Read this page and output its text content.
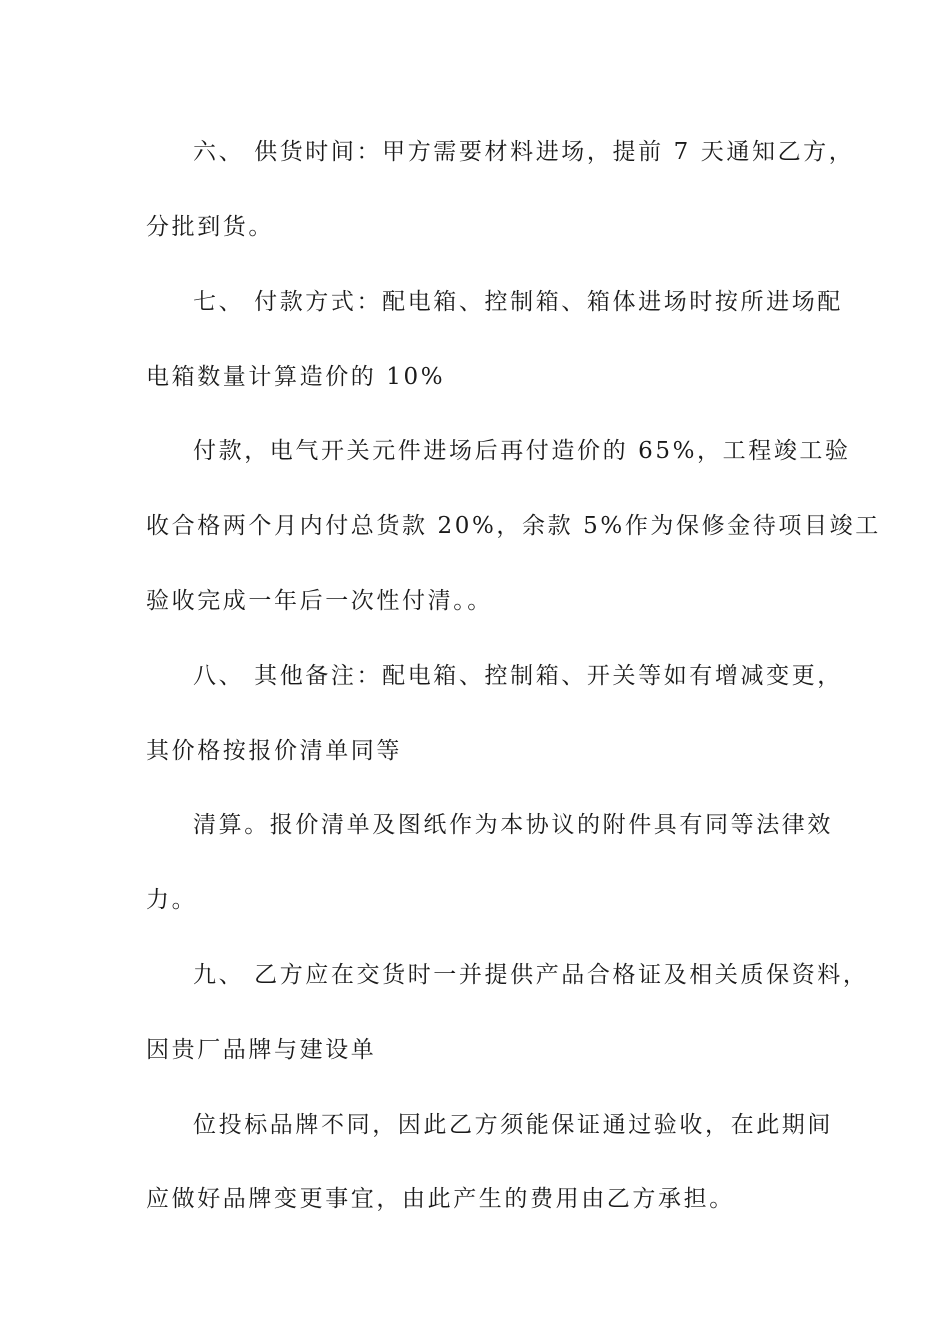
六、 供货时间：甲方需要材料进场，提前 7 天通知乙方，

分批到货。

七、 付款方式：配电箱、控制箱、箱体进场时按所进场配

电箱数量计算造价的 10%

付款，电气开关元件进场后再付造价的 65%，工程竣工验

收合格两个月内付总货款 20%，余款 5%作为保修金待项目竣工

验收完成一年后一次性付清。。

八、 其他备注：配电箱、控制箱、开关等如有增减变更，

其价格按报价清单同等

清算。报价清单及图纸作为本协议的附件具有同等法律效

力。

九、 乙方应在交货时一并提供产品合格证及相关质保资料，

因贵厂品牌与建设单

位投标品牌不同，因此乙方须能保证通过验收，在此期间

应做好品牌变更事宜，由此产生的费用由乙方承担。
